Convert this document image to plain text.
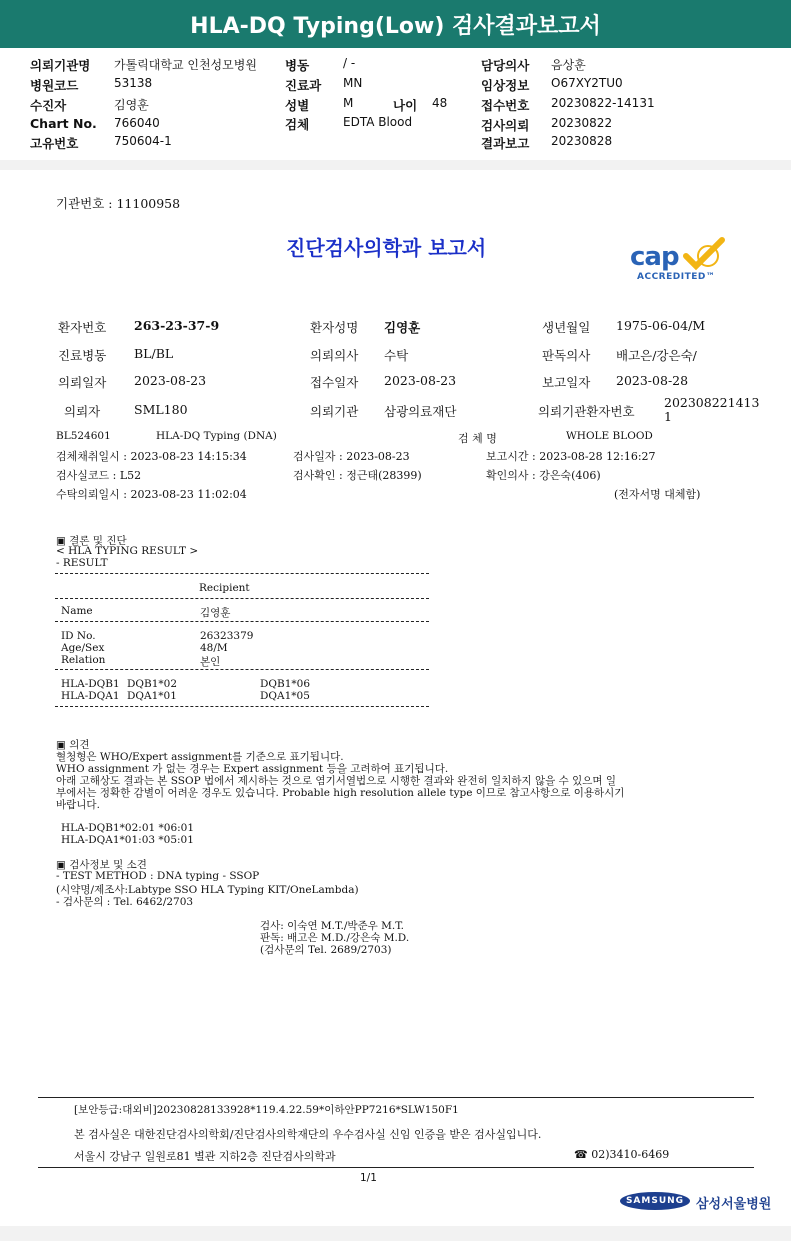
HLA-DQ Typing(Low) 검사결과보고서
의뢰기관명 가톨릭대학교 인천성모병원
병원코드	53138
수진자	김영훈
Chart No. 766040
고유번호	750604-1
병동	/ -
진료과 MN
성별	M	나이 48
검체	EDTA Blood
담당의사 음상훈
임상정보 O67XY2TU0
접수번호 20230822-14131
검사의뢰 20230822
결과보고 20230828
기관번호 : 11100958
진단검사의학과 보고서	cap
ACCREDITED™
환자번호 263-23-37-9	환자성명 김영훈	생년월일 1975-06-04/M
진료병동 BL/BL	의뢰의사 수탁	판독의사 배고은/강은숙/
의뢰일자 2023-08-23	접수일자 2023-08-23	보고일자 2023-08-28
의뢰자	SML180	의뢰기관 삼광의료재단	의뢰기관환자번호
202308221413
1
BL524601	HLA-DQ Typing (DNA)	검 체 명	WHOLE BLOOD
검체채취일시 : 2023-08-23 14:15:34	검사일자 : 2023-08-23	보고시간 : 2023-08-28 12:16:27
검사실코드 : L52	검사확인 : 정근태(28399)	확인의사 : 강은숙(406)
수탁의뢰일시 : 2023-08-23 11:02:04	(전자서명 대체함)
▣ 결론 및 진단
< HLA TYPING RESULT >
- RESULT
Recipient
Name	김영훈
ID No.	26323379
Age/Sex	48/M
Relation	본인
HLA-DQB1 DQB1*02	DQB1*06
HLA-DQA1 DQA1*01	DQA1*05
▣ 의견
혈청형은 WHO/Expert assignment를 기준으로 표기됩니다.
WHO assignment 가 없는 경우는 Expert assignment 등을 고려하여 표기됩니다.
아래 고해상도 결과는 본 SSOP 법에서 제시하는 것으로 염기서열법으로 시행한 결과와 완전히 일치하지 않을 수 있으며 일
부에서는 정확한 감별이 어려운 경우도 있습니다. Probable high resolution allele type 이므로 참고사항으로 이용하시기
바랍니다.
HLA-DQB1*02:01 *06:01
HLA-DQA1*01:03 *05:01
▣ 검사정보 및 소견
- TEST METHOD : DNA typing - SSOP
(시약명/제조사:Labtype SSO HLA Typing KIT/OneLambda)
- 검사문의 : Tel. 6462/2703
검사: 이숙연 M.T./박준우 M.T.
판독: 배고은 M.D./강은숙 M.D.
(검사문의 Tel. 2689/2703)
[보안등급:대외비]20230828133928*119.4.22.59*이하안PP7216*SLW150F1
본 검사실은 대한진단검사의학회/진단검사의학재단의 우수검사실 신임 인증을 받은 검사실입니다.
서울시 강남구 일원로81 별관 지하2층 진단검사의학과	☎ 02)3410-6469
1/1
SAMSUNG 삼성서울병원
